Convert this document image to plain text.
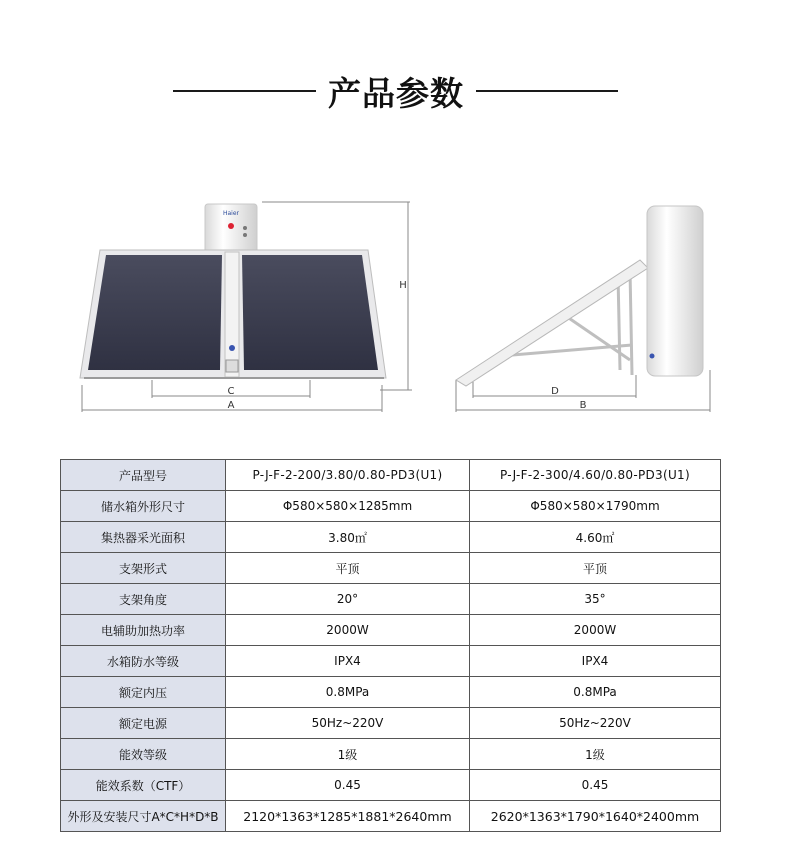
产品参数
Haier
H
C
A
D
B
产品型号	P-J-F-2-200/3.80/0.80-PD3(U1)	P-J-F-2-300/4.60/0.80-PD3(U1)
储水箱外形尺寸	Φ580×580×1285mm	Φ580×580×1790mm
集热器采光面积	3.80㎡	4.60㎡
支架形式	平顶	平顶
支架角度	20°	35°
电辅助加热功率	2000W	2000W
水箱防水等级	IPX4	IPX4
额定内压	0.8MPa	0.8MPa
额定电源	50Hz~220V	50Hz~220V
能效等级	1级	1级
能效系数（CTF）	0.45	0.45
外形及安装尺寸A*C*H*D*B	2120*1363*1285*1881*2640mm	2620*1363*1790*1640*2400mm
